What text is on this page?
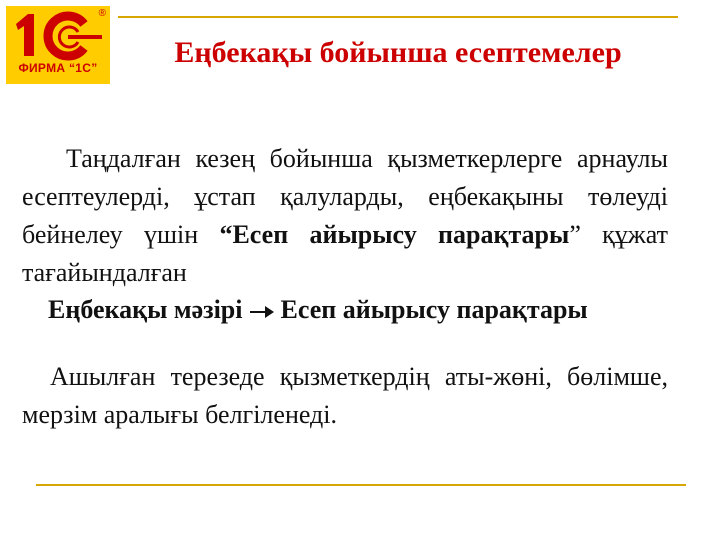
®
ФИРМА “1С”	Еңбекақы бойынша есептемелер
Таңдалған кезең бойынша қызметкерлерге арнаулы есептеулерді, ұстап қалуларды, еңбекақыны төлеуді бейнелеу үшін “Есеп айырысу парақтары” құжат тағайындалған
Еңбекақы мәзірі Есеп айырысу парақтары
Ашылған терезеде қызметкердің аты-жөні, бөлімше, мерзім аралығы белгіленеді.
